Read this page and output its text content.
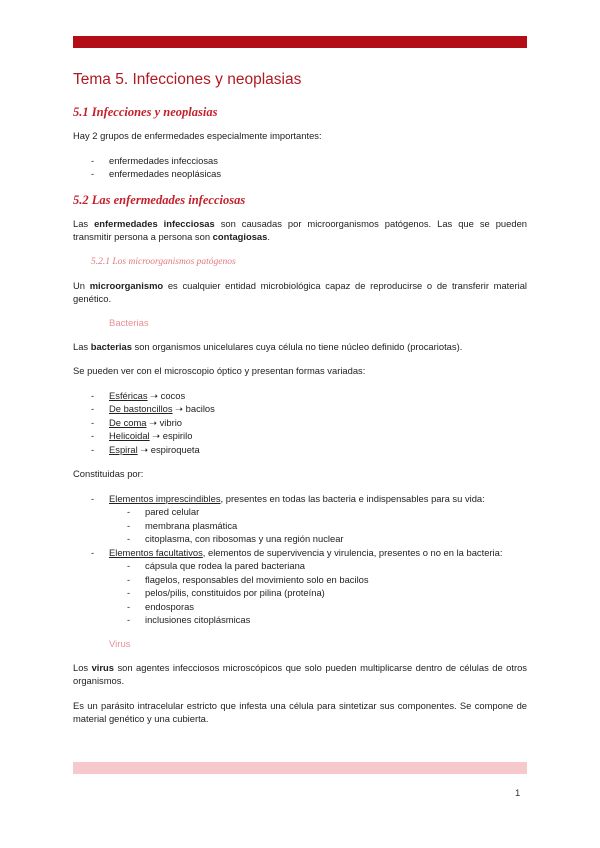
Tema 5. Infecciones y neoplasias
5.1 Infecciones y neoplasias

Hay 2 grupos de enfermedades especialmente importantes:

- enfermedades infecciosas
- enfermedades neoplásicas
5.2 Las enfermedades infecciosas

Las enfermedades infecciosas son causadas por microorganismos patógenos. Las que se pueden transmitir persona a persona son contagiosas.

5.2.1 Los microorganismos patógenos

Un microorganismo es cualquier entidad microbiológica capaz de reproducirse o de transferir material genético.

Bacterias

Las bacterias son organismos unicelulares cuya célula no tiene núcleo definido (procariotas).

Se pueden ver con el microscopio óptico y presentan formas variadas:

- Esféricas ➝ cocos
- De bastoncillos ➝ bacilos
- De coma ➝ vibrio
- Helicoidal ➝ espirilo
- Espiral ➝ espiroqueta

Constituidas por:

- Elementos imprescindibles, presentes en todas las bacteria e indispensables para su vida:
- pared celular
- membrana plasmática
- citoplasma, con ribosomas y una región nuclear
- Elementos facultativos, elementos de supervivencia y virulencia, presentes o no en la bacteria:
- cápsula que rodea la pared bacteriana
- flagelos, responsables del movimiento solo en bacilos
- pelos/pilis, constituidos por pilina (proteína)
- endosporas
- inclusiones citoplásmicas
Virus

Los virus son agentes infecciosos microscópicos que solo pueden multiplicarse dentro de células de otros organismos.

Es un parásito intracelular estricto que infesta una célula para sintetizar sus componentes. Se compone de material genético y una cubierta.

1
